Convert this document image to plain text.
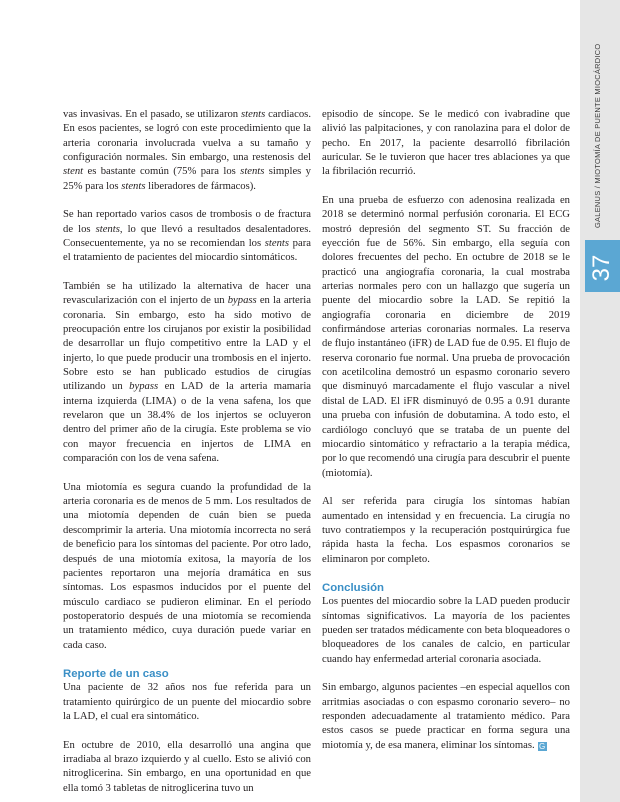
GALENUS / MIOTOMÍA DE PUENTE MIOCÁRDICO
37

vas invasivas. En el pasado, se utilizaron stents cardiacos. En esos pacientes, se logró con este procedimiento que la arteria coronaria involucrada vuelva a su tamaño y configuración normales. Sin embargo, una restenosis del stent es bastante común (75% para los stents simples y 25% para los stents liberadores de fármacos).

Se han reportado varios casos de trombosis o de fractura de los stents, lo que llevó a resultados desalentadores. Consecuentemente, ya no se recomiendan los stents para el tratamiento de pacientes del miocardio sintomáticos.

También se ha utilizado la alternativa de hacer una revascularización con el injerto de un bypass en la arteria coronaria. Sin embargo, esto ha sido motivo de preocupación entre los cirujanos por existir la posibilidad de desarrollar un flujo competitivo entre la LAD y el injerto, lo que puede producir una trombosis en el injerto. Sobre esto se han publicado estudios de cirugías utilizando un bypass en LAD de la arteria mamaria interna izquierda (LIMA) o de la vena safena, los que revelaron que un 38.4% de los injertos se ocluyeron dentro del primer año de la cirugía. Este problema se vio con mayor frecuencia en injertos de LIMA en comparación con los de vena safena.

Una miotomía es segura cuando la profundidad de la arteria coronaria es de menos de 5 mm. Los resultados de una miotomía dependen de cuán bien se pueda descomprimir la arteria. Una miotomía incorrecta no será de beneficio para los síntomas del paciente. Por otro lado, después de una miotomía exitosa, la mayoría de los pacientes reportaron una mejoría dramática en sus síntomas. Los espasmos inducidos por el puente del músculo cardiaco se pudieron eliminar. En el período postoperatorio después de una miotomía se recomienda un tratamiento médico, cuya duración puede variar en cada caso.

Reporte de un caso

Una paciente de 32 años nos fue referida para un tratamiento quirúrgico de un puente del miocardio sobre la LAD, el cual era sintomático.

En octubre de 2010, ella desarrolló una angina que irradiaba al brazo izquierdo y al cuello. Esto se alivió con nitroglicerina. Sin embargo, en una oportunidad en que ella tomó 3 tabletas de nitroglicerina tuvo un

episodio de síncope. Se le medicó con ivabradine que alivió las palpitaciones, y con ranolazina para el dolor de pecho. En 2017, la paciente desarrolló fibrilación auricular. Se le tuvieron que hacer tres ablaciones ya que la fibrilación recurrió.

En una prueba de esfuerzo con adenosina realizada en 2018 se determinó normal perfusión coronaria. El ECG mostró depresión del segmento ST. Su fracción de eyección fue de 56%. Sin embargo, ella seguía con dolores frecuentes del pecho. En octubre de 2018 se le practicó una angiografía coronaria, la cual mostraba arterias normales pero con un hallazgo que sugería un puente del miocardio sobre la LAD. Se repitió la angiografía coronaria en diciembre de 2019 confirmándose arterias coronarias normales. La reserva de flujo instantáneo (iFR) de LAD fue de 0.95. El flujo de reserva coronario fue normal. Una prueba de provocación con acetilcolina demostró un espasmo coronario severo que disminuyó marcadamente el flujo vascular a nivel distal de LAD. El iFR disminuyó de 0.95 a 0.91 durante una prueba con infusión de dobutamina. A todo esto, el cardiólogo concluyó que se trataba de un puente del miocardio sintomático y refractario a la terapia médica, por lo que recomendó una cirugía para descubrir el puente (miotomía).

Al ser referida para cirugía los síntomas habían aumentado en intensidad y en frecuencia. La cirugía no tuvo contratiempos y la recuperación postquirúrgica fue rápida hasta la fecha. Los espasmos coronarios se eliminaron por completo.

Conclusión

Los puentes del miocardio sobre la LAD pueden producir síntomas significativos. La mayoría de los pacientes pueden ser tratados médicamente con beta bloqueadores o bloqueadores de los canales de calcio, en particular cuando hay enfermedad arterial coronaria asociada.

Sin embargo, algunos pacientes –en especial aquellos con arritmias asociadas o con espasmo coronario severo– no responden adecuadamente al tratamiento médico. Para estos casos se puede practicar en forma segura una miotomía y, de esa manera, eliminar los síntomas. G
